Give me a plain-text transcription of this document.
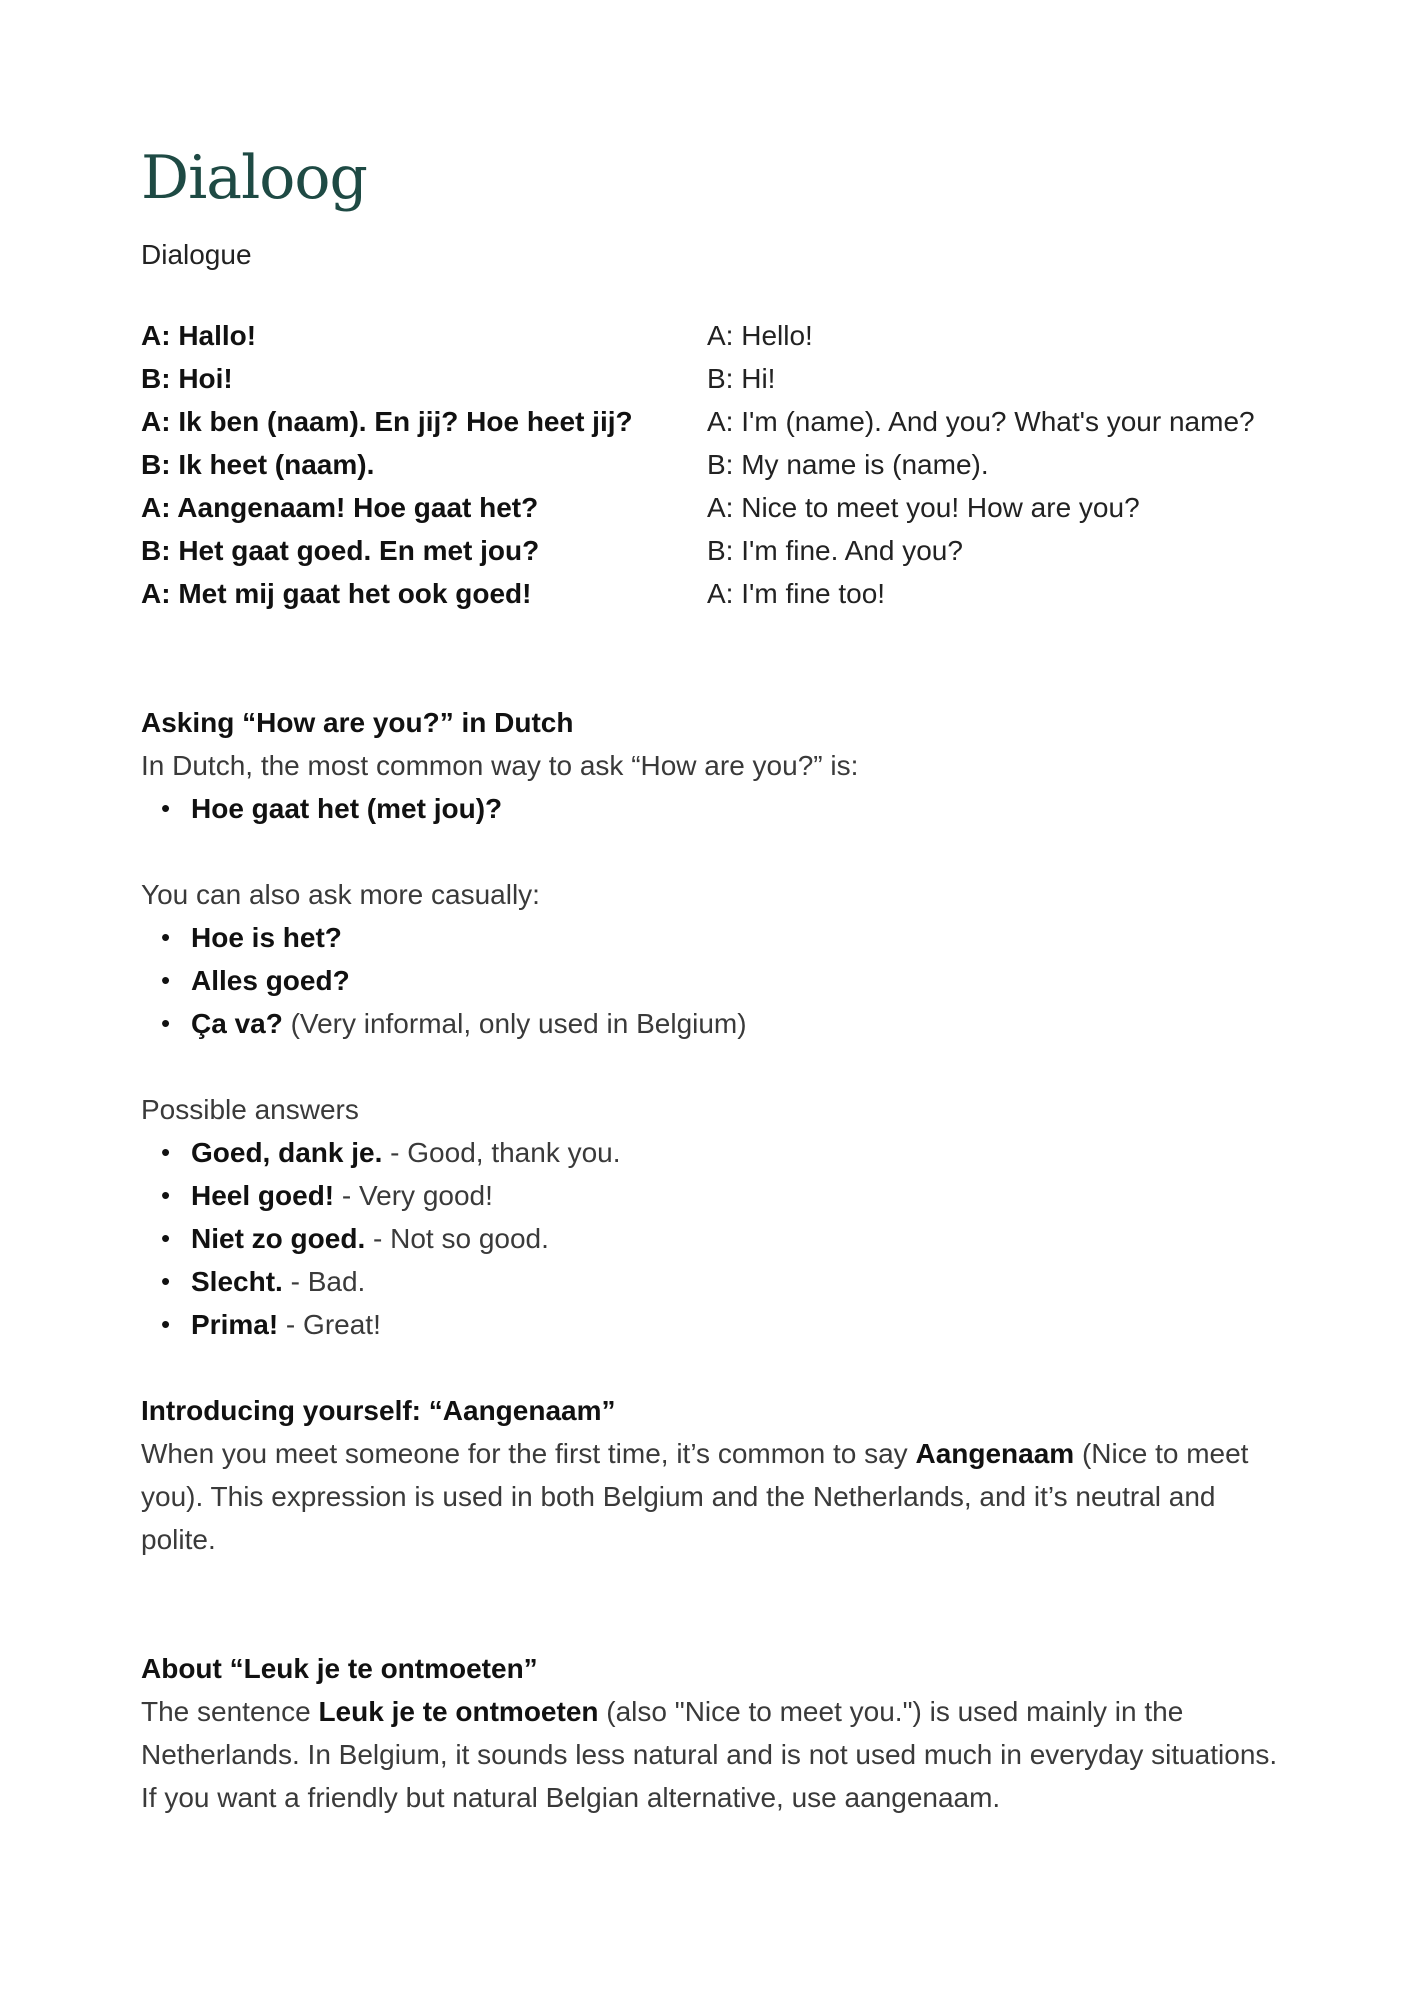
Dialoog
Dialogue
A: Hallo!	A: Hello!
B: Hoi!	B: Hi!
A: Ik ben (naam). En jij? Hoe heet jij?	A: I'm (name). And you? What's your name?
B: Ik heet (naam).	B: My name is (name).
A: Aangenaam! Hoe gaat het?	A: Nice to meet you! How are you?
B: Het gaat goed. En met jou?	B: I'm fine. And you?
A: Met mij gaat het ook goed!	A: I'm fine too!
Asking “How are you?” in Dutch

In Dutch, the most common way to ask “How are you?” is:

• Hoe gaat het (met jou)?

You can also ask more casually:

• Hoe is het?
• Alles goed?
• Ça va? (Very informal, only used in Belgium)

Possible answers

• Goed, dank je. - Good, thank you.
• Heel goed! - Very good!
• Niet zo goed. - Not so good.
• Slecht. - Bad.
• Prima! - Great!
Introducing yourself: “Aangenaam”

When you meet someone for the first time, it’s common to say Aangenaam (Nice to meet you). This expression is used in both Belgium and the Netherlands, and it’s neutral and polite.

About “Leuk je te ontmoeten”

The sentence Leuk je te ontmoeten (also "Nice to meet you.") is used mainly in the Netherlands. In Belgium, it sounds less natural and is not used much in everyday situations. If you want a friendly but natural Belgian alternative, use aangenaam.
